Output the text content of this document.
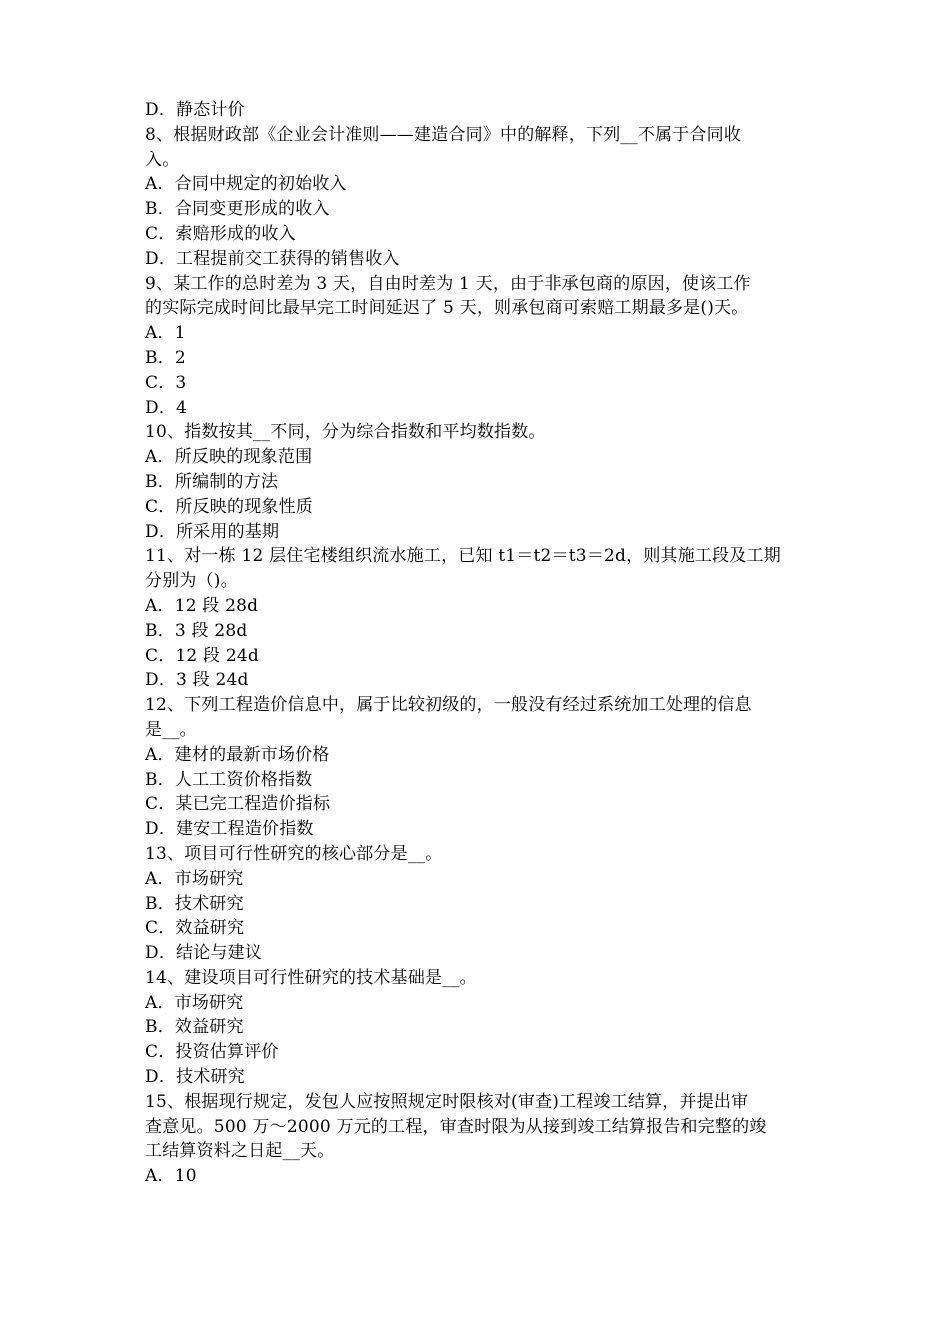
D．静态计价
8、根据财政部《企业会计准则——建造合同》中的解释，下列__不属于合同收
入。
A．合同中规定的初始收入
B．合同变更形成的收入
C．索赔形成的收入
D．工程提前交工获得的销售收入
9、某工作的总时差为 3 天，自由时差为 1 天，由于非承包商的原因，使该工作
的实际完成时间比最早完工时间延迟了 5 天，则承包商可索赔工期最多是()天。
A．1
B．2
C．3
D．4
10、指数按其__不同，分为综合指数和平均数指数。
A．所反映的现象范围
B．所编制的方法
C．所反映的现象性质
D．所采用的基期
11、对一栋 12 层住宅楼组织流水施工，已知 t1＝t2＝t3＝2d，则其施工段及工期
分别为（)。
A．12 段 28d
B．3 段 28d
C．12 段 24d
D．3 段 24d
12、下列工程造价信息中，属于比较初级的，一般没有经过系统加工处理的信息
是__。
A．建材的最新市场价格
B．人工工资价格指数
C．某已完工程造价指标
D．建安工程造价指数
13、项目可行性研究的核心部分是__。
A．市场研究
B．技术研究
C．效益研究
D．结论与建议
14、建设项目可行性研究的技术基础是__。
A．市场研究
B．效益研究
C．投资估算评价
D．技术研究
15、根据现行规定，发包人应按照规定时限核对(审查)工程竣工结算，并提出审
查意见。500 万～2000 万元的工程，审查时限为从接到竣工结算报告和完整的竣
工结算资料之日起__天。
A．10
